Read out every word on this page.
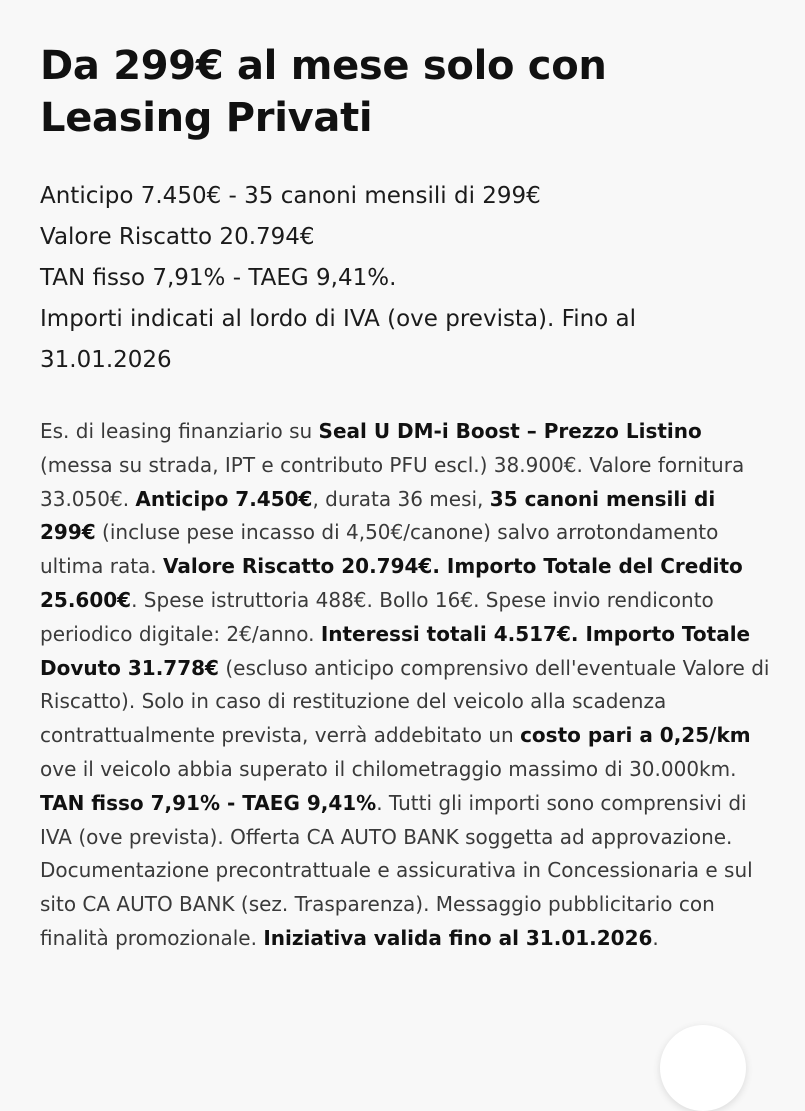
Da 299€ al mese solo con Leasing Privati
Anticipo 7.450€ - 35 canoni mensili di 299€
Valore Riscatto 20.794€
TAN fisso 7,91% - TAEG 9,41%.
Importi indicati al lordo di IVA (ove prevista). Fino al 31.01.2026

Es. di leasing finanziario su Seal U DM-i Boost – Prezzo Listino (messa su strada, IPT e contributo PFU escl.) 38.900€. Valore fornitura 33.050€. Anticipo 7.450€, durata 36 mesi, 35 canoni mensili di 299€ (incluse pese incasso di 4,50€/canone) salvo arrotondamento ultima rata. Valore Riscatto 20.794€. Importo Totale del Credito 25.600€. Spese istruttoria 488€. Bollo 16€. Spese invio rendiconto periodico digitale: 2€/anno. Interessi totali 4.517€. Importo Totale Dovuto 31.778€ (escluso anticipo comprensivo dell'eventuale Valore di Riscatto). Solo in caso di restituzione del veicolo alla scadenza contrattualmente prevista, verrà addebitato un costo pari a 0,25/km ove il veicolo abbia superato il chilometraggio massimo di 30.000km. TAN fisso 7,91% - TAEG 9,41%. Tutti gli importi sono comprensivi di IVA (ove prevista). Offerta CA AUTO BANK soggetta ad approvazione. Documentazione precontrattuale e assicurativa in Concessionaria e sul sito CA AUTO BANK (sez. Trasparenza). Messaggio pubblicitario con finalità promozionale. Iniziativa valida fino al 31.01.2026.
